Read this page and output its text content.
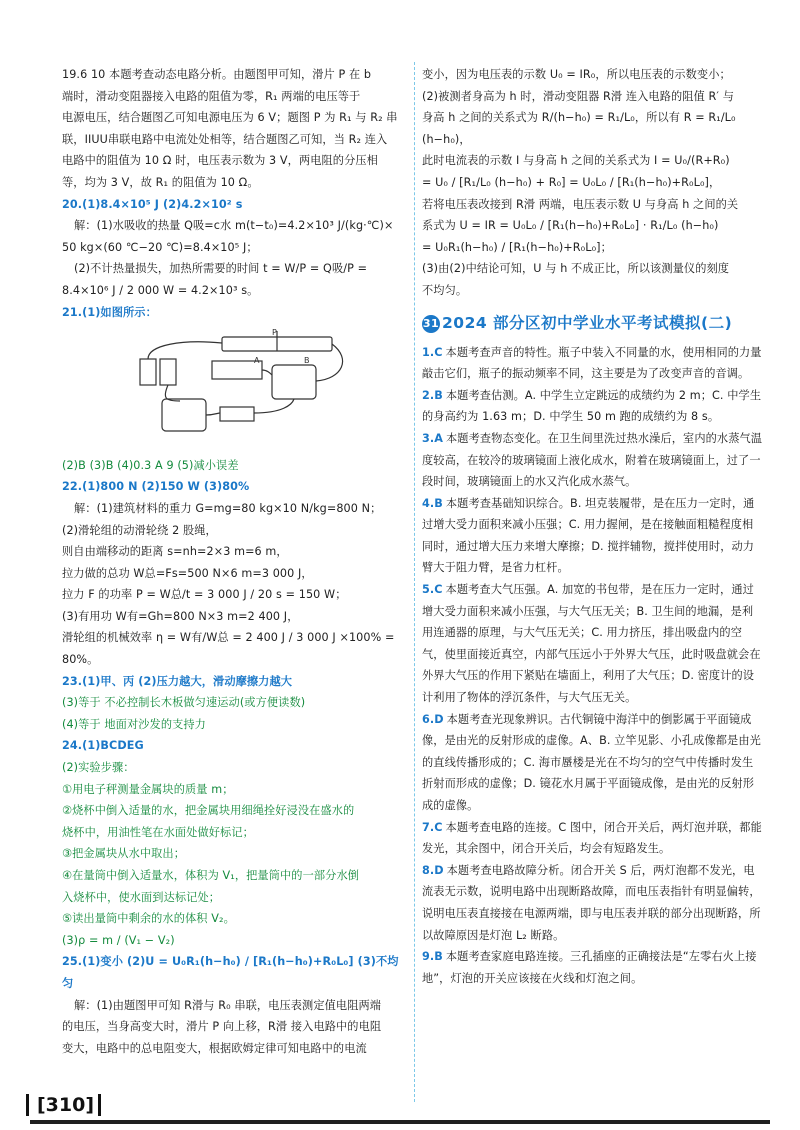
19.6 10 本题考查动态电路分析。由题图甲可知，滑片 P 在 b

端时，滑动变阻器接入电路的阻值为零，R₁ 两端的电压等于

电源电压，结合题图乙可知电源电压为 6 V；题图 P 为 R₁ 与 R₂ 串

联，IIUU串联电路中电流处处相等，结合题图乙可知，当 R₂ 连入

电路中的阻值为 10 Ω 时，电压表示数为 3 V，两电阻的分压相

等，均为 3 V，故 R₁ 的阻值为 10 Ω。

20.(1)8.4×10⁵ J (2)4.2×10² s

解：(1)水吸收的热量 Q吸=c水 m(t−t₀)=4.2×10³ J/(kg·℃)×

50 kg×(60 ℃−20 ℃)=8.4×10⁵ J；

(2)不计热量损失，加热所需要的时间 t = W/P = Q吸/P =

8.4×10⁶ J / 2 000 W = 4.2×10³ s。

21.(1)如图所示：

P
A	B

(2)B (3)B (4)0.3 A 9 (5)减小误差

22.(1)800 N (2)150 W (3)80%

解：(1)建筑材料的重力 G=mg=80 kg×10 N/kg=800 N；

(2)滑轮组的动滑轮绕 2 股绳，

则自由端移动的距离 s=nh=2×3 m=6 m，

拉力做的总功 W总=Fs=500 N×6 m=3 000 J，

拉力 F 的功率 P = W总/t = 3 000 J / 20 s = 150 W；

(3)有用功 W有=Gh=800 N×3 m=2 400 J，

滑轮组的机械效率 η = W有/W总 = 2 400 J / 3 000 J ×100% = 80%。

23.(1)甲、丙 (2)压力越大，滑动摩擦力越大

(3)等于 不必控制长木板做匀速运动(或方便读数)

(4)等于 地面对沙发的支持力

24.(1)BCDEG

(2)实验步骤：

①用电子秤测量金属块的质量 m；

②烧杯中倒入适量的水，把金属块用细绳拴好浸没在盛水的

烧杯中，用油性笔在水面处做好标记；

③把金属块从水中取出；

④在量筒中倒入适量水，体积为 V₁，把量筒中的一部分水倒

入烧杯中，使水面到达标记处；

⑤读出量筒中剩余的水的体积 V₂。

(3)ρ = m / (V₁ − V₂)

25.(1)变小 (2)U = U₀R₁(h−h₀) / [R₁(h−h₀)+R₀L₀] (3)不均匀

解：(1)由题图甲可知 R滑与 R₀ 串联，电压表测定值电阻两端

的电压，当身高变大时，滑片 P 向上移，R滑 接入电路中的电阻

变大，电路中的总电阻变大，根据欧姆定律可知电路中的电流

变小，因为电压表的示数 U₀ = IR₀，所以电压表的示数变小；

(2)被测者身高为 h 时，滑动变阻器 R滑 连入电路的阻值 R′ 与

身高 h 之间的关系式为 R/(h−h₀) = R₁/L₀，所以有 R = R₁/L₀ (h−h₀)，

此时电流表的示数 I 与身高 h 之间的关系式为 I = U₀/(R+R₀)

= U₀ / [R₁/L₀ (h−h₀) + R₀] = U₀L₀ / [R₁(h−h₀)+R₀L₀]，

若将电压表改接到 R滑 两端，电压表示数 U 与身高 h 之间的关

系式为 U = IR = U₀L₀ / [R₁(h−h₀)+R₀L₀] · R₁/L₀ (h−h₀)

= U₀R₁(h−h₀) / [R₁(h−h₀)+R₀L₀]；

(3)由(2)中结论可知，U 与 h 不成正比，所以该测量仪的刻度

不均匀。

31 2024 部分区初中学业水平考试模拟(二)

1.C 本题考查声音的特性。瓶子中装入不同量的水，使用相同的力量敲击它们，瓶子的振动频率不同，这主要是为了改变声音的音调。

2.B 本题考查估测。A. 中学生立定跳远的成绩约为 2 m；C. 中学生的身高约为 1.63 m；D. 中学生 50 m 跑的成绩约为 8 s。

3.A 本题考查物态变化。在卫生间里洗过热水澡后，室内的水蒸气温度较高，在较冷的玻璃镜面上液化成水，附着在玻璃镜面上，过了一段时间，玻璃镜面上的水又汽化成水蒸气。

4.B 本题考查基础知识综合。B. 坦克装履带，是在压力一定时，通过增大受力面积来减小压强；C. 用力握闸，是在接触面粗糙程度相同时，通过增大压力来增大摩擦；D. 搅拌辅物，搅拌使用时，动力臂大于阻力臂，是省力杠杆。

5.C 本题考查大气压强。A. 加宽的书包带，是在压力一定时，通过增大受力面积来减小压强，与大气压无关；B. 卫生间的地漏，是利用连通器的原理，与大气压无关；C. 用力挤压，排出吸盘内的空气，使里面接近真空，内部气压远小于外界大气压，此时吸盘就会在外界大气压的作用下紧贴在墙面上，利用了大气压；D. 密度计的设计利用了物体的浮沉条件，与大气压无关。

6.D 本题考查光现象辨识。古代铜镜中海洋中的倒影属于平面镜成像，是由光的反射形成的虚像。A、B. 立竿见影、小孔成像都是由光的直线传播形成的；C. 海市蜃楼是光在不均匀的空气中传播时发生折射而形成的虚像；D. 镜花水月属于平面镜成像，是由光的反射形成的虚像。

7.C 本题考查电路的连接。C 图中，闭合开关后，两灯泡并联，都能发光，其余图中，闭合开关后，均会有短路发生。

8.D 本题考查电路故障分析。闭合开关 S 后，两灯泡都不发光，电流表无示数，说明电路中出现断路故障，而电压表指针有明显偏转，说明电压表直接接在电源两端，即与电压表并联的部分出现断路，所以故障原因是灯泡 L₂ 断路。

9.B 本题考查家庭电路连接。三孔插座的正确接法是“左零右火上接地”，灯泡的开关应该接在火线和灯泡之间。

[310]
